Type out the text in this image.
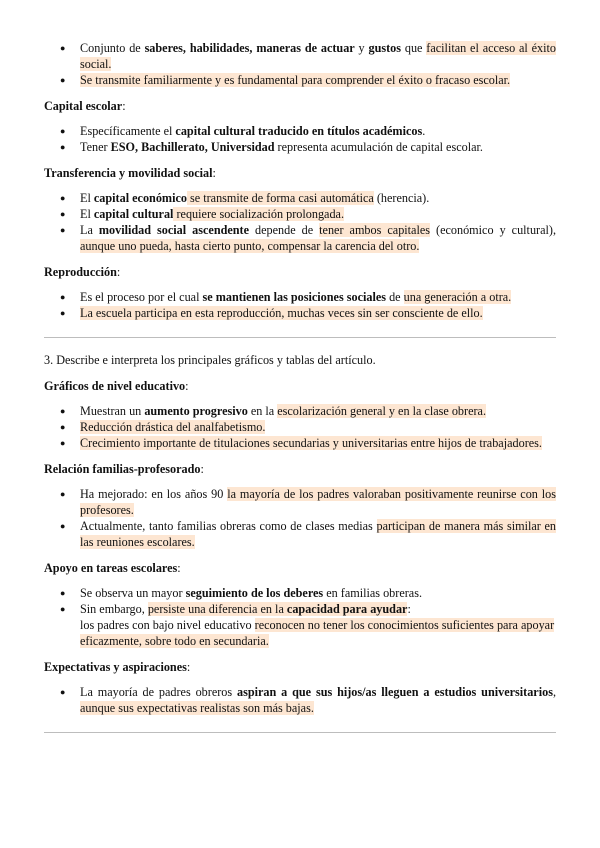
● Conjunto de saberes, habilidades, maneras de actuar y gustos que facilitan el acceso al éxito social.
● Se transmite familiarmente y es fundamental para comprender el éxito o fracaso escolar.
Capital escolar:
● Específicamente el capital cultural traducido en títulos académicos.
● Tener ESO, Bachillerato, Universidad representa acumulación de capital escolar.
Transferencia y movilidad social:
● El capital económico se transmite de forma casi automática (herencia).
● El capital cultural requiere socialización prolongada.
● La movilidad social ascendente depende de tener ambos capitales (económico y cultural), aunque uno pueda, hasta cierto punto, compensar la carencia del otro.
Reproducción:
● Es el proceso por el cual se mantienen las posiciones sociales de una generación a otra.
● La escuela participa en esta reproducción, muchas veces sin ser consciente de ello.
3. Describe e interpreta los principales gráficos y tablas del artículo.
Gráficos de nivel educativo:
● Muestran un aumento progresivo en la escolarización general y en la clase obrera.
● Reducción drástica del analfabetismo.
● Crecimiento importante de titulaciones secundarias y universitarias entre hijos de trabajadores.
Relación familias-profesorado:
● Ha mejorado: en los años 90 la mayoría de los padres valoraban positivamente reunirse con los profesores.
● Actualmente, tanto familias obreras como de clases medias participan de manera más similar en las reuniones escolares.
Apoyo en tareas escolares:
● Se observa un mayor seguimiento de los deberes en familias obreras.
● Sin embargo, persiste una diferencia en la capacidad para ayudar:
los padres con bajo nivel educativo reconocen no tener los conocimientos suficientes para apoyar eficazmente, sobre todo en secundaria.
Expectativas y aspiraciones:
● La mayoría de padres obreros aspiran a que sus hijos/as lleguen a estudios universitarios, aunque sus expectativas realistas son más bajas.
